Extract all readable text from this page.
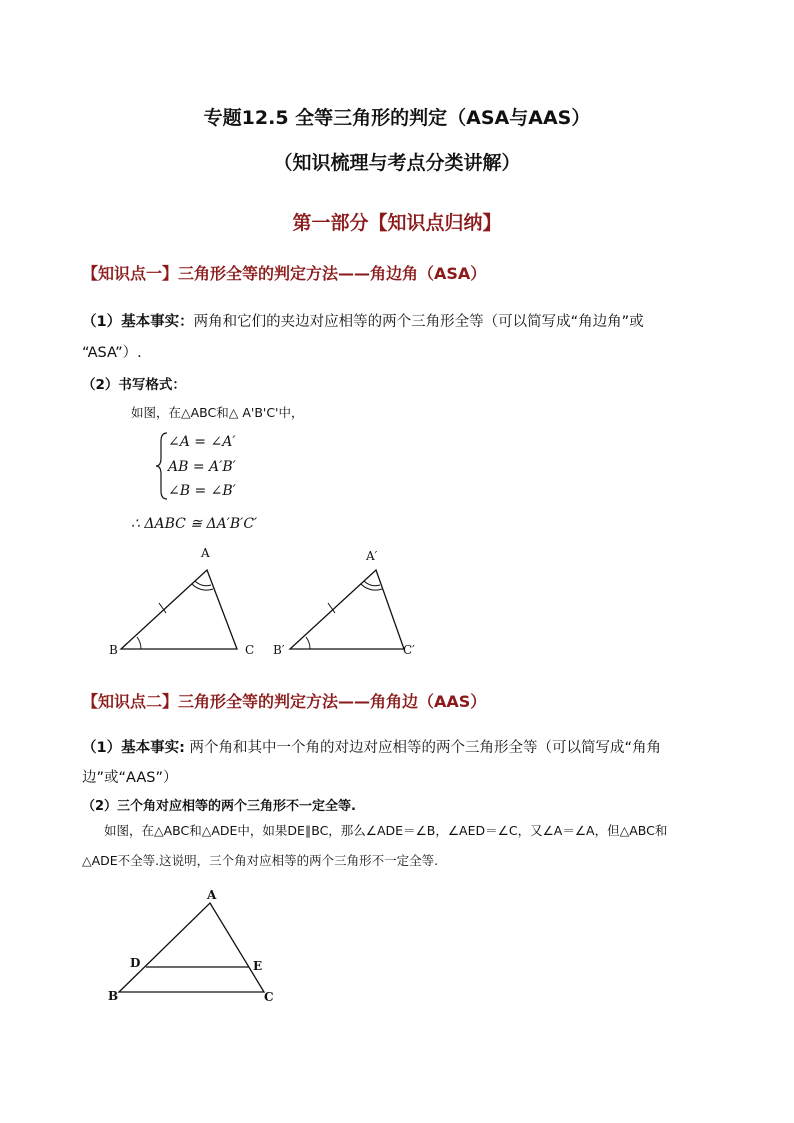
专题12.5 全等三角形的判定（ASA与AAS）
（知识梳理与考点分类讲解）
第一部分【知识点归纳】
【知识点一】三角形全等的判定方法——角边角（ASA）
（1）基本事实：两角和它们的夹边对应相等的两个三角形全等（可以简写成“角边角”或
“ASA”）.
（2）书写格式：
如图，在△ABC和△ A'B'C'中，
∠A = ∠A′
AB = A′B′
∠B = ∠B′
∴ ΔABC ≅ ΔA′B′C′
【知识点二】三角形全等的判定方法——角角边（AAS）
（1）基本事实: 两个角和其中一个角的对边对应相等的两个三角形全等（可以简写成“角角
边”或“AAS”）
（2）三个角对应相等的两个三角形不一定全等.
如图，在△ABC和△ADE中，如果DE∥BC，那么∠ADE＝∠B，∠AED＝∠C，又∠A＝∠A，但△ABC和
△ADE不全等.这说明，三个角对应相等的两个三角形不一定全等.
A
B	C
A′
B′	C′
A
D	E
B	C
